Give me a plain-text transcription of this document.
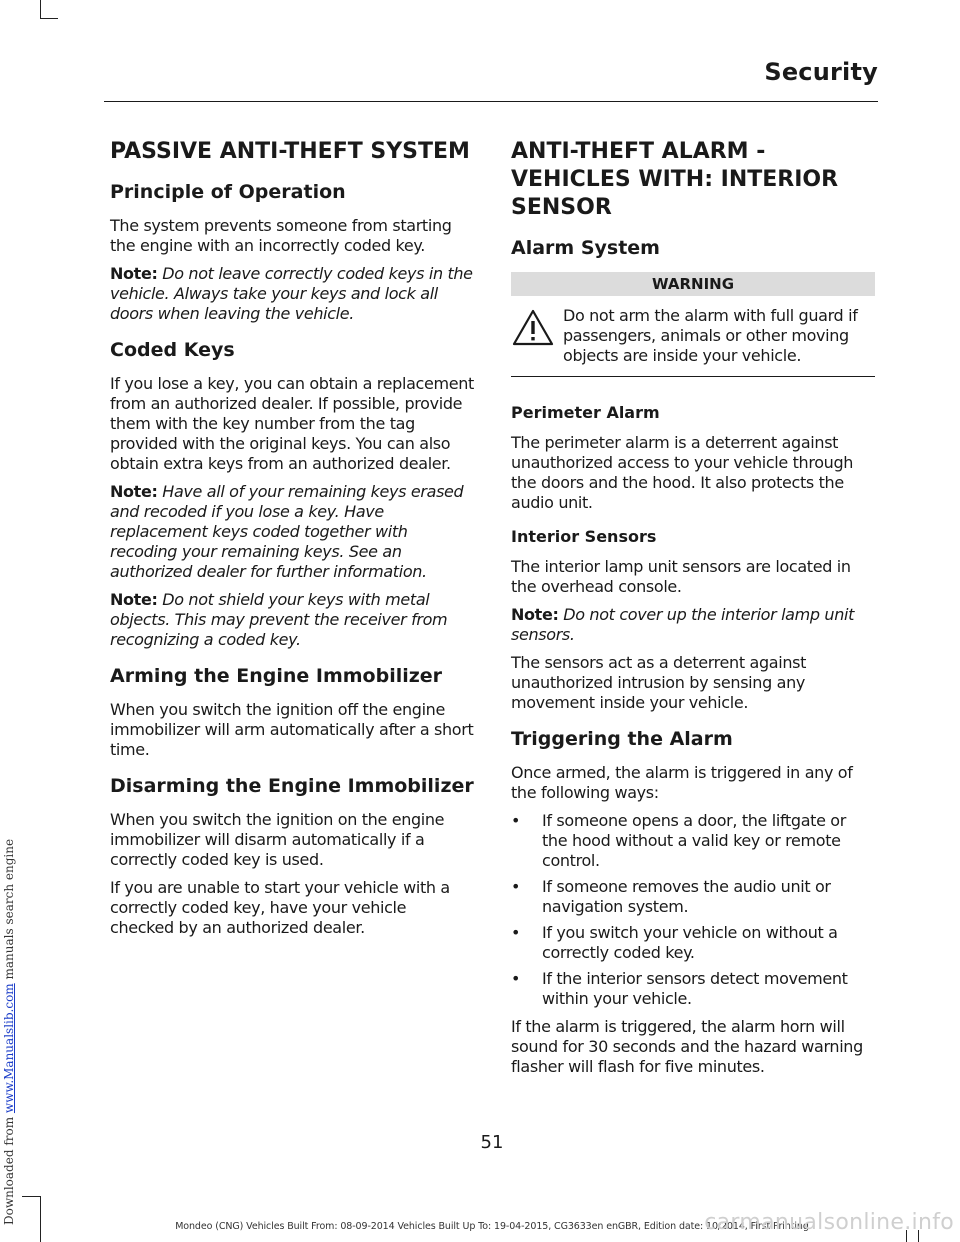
Security
PASSIVE ANTI-THEFT SYSTEM
Principle of Operation

The system prevents someone from starting the engine with an incorrectly coded key.

Note: Do not leave correctly coded keys in the vehicle. Always take your keys and lock all doors when leaving the vehicle.

Coded Keys

If you lose a key, you can obtain a replacement from an authorized dealer. If possible, provide them with the key number from the tag provided with the original keys. You can also obtain extra keys from an authorized dealer.

Note: Have all of your remaining keys erased and recoded if you lose a key. Have replacement keys coded together with recoding your remaining keys. See an authorized dealer for further information.

Note: Do not shield your keys with metal objects. This may prevent the receiver from recognizing a coded key.

Arming the Engine Immobilizer

When you switch the ignition off the engine immobilizer will arm automatically after a short time.

Disarming the Engine Immobilizer

When you switch the ignition on the engine immobilizer will disarm automatically if a correctly coded key is used.

If you are unable to start your vehicle with a correctly coded key, have your vehicle checked by an authorized dealer.

ANTI-THEFT ALARM - VEHICLES WITH: INTERIOR SENSOR
Alarm System
WARNING
Do not arm the alarm with full guard if passengers, animals or other moving objects are inside your vehicle.
Perimeter Alarm

The perimeter alarm is a deterrent against unauthorized access to your vehicle through the doors and the hood. It also protects the audio unit.

Interior Sensors

The interior lamp unit sensors are located in the overhead console.

Note: Do not cover up the interior lamp unit sensors.

The sensors act as a deterrent against unauthorized intrusion by sensing any movement inside your vehicle.

Triggering the Alarm

Once armed, the alarm is triggered in any of the following ways:

• If someone opens a door, the liftgate or the hood without a valid key or remote control.
• If someone removes the audio unit or navigation system.
• If you switch your vehicle on without a correctly coded key.
• If the interior sensors detect movement within your vehicle.

If the alarm is triggered, the alarm horn will sound for 30 seconds and the hazard warning flasher will flash for five minutes.

51
Mondeo (CNG) Vehicles Built From: 08-09-2014 Vehicles Built Up To: 19-04-2015, CG3633en enGBR, Edition date: 10/2014, First Printing
Downloaded from www.Manualslib.com manuals search engine
carmanualsonline.info
